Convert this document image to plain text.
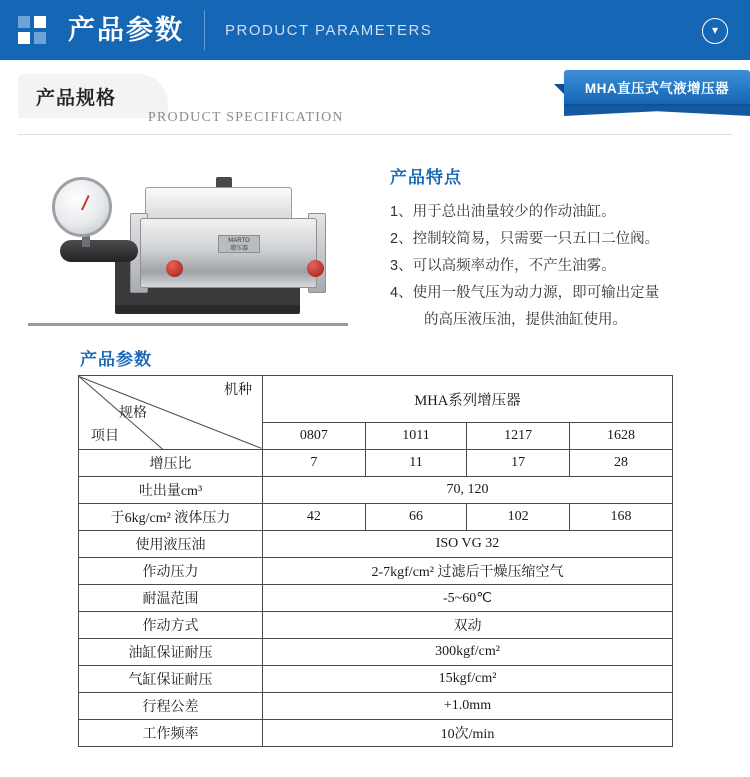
产品参数	PRODUCT PARAMETERS	▾
产品规格
PRODUCT SPECIFICATION
MHA直压式气液增压器
MARTO
增压器
产品特点
1、 用于总出油量较少的作动油缸。
2、 控制较简易，只需要一只五口二位阀。
3、 可以高频率动作，不产生油雾。
4、 使用一般气压为动力源，即可输出定量
的高压液压油，提供油缸使用。
产品参数
机种
规格
项目	MHA系列增压器			
	0807	1011	1217	1628
增压比	7	11	17	28
吐出量cm³	70, 120			
于6kg/cm² 液体压力	42	66	102	168
使用液压油	ISO VG 32			
作动压力	2-7kgf/cm² 过滤后干燥压缩空气			
耐温范围	-5~60℃			
作动方式	双动			
油缸保证耐压	300kgf/cm²			
气缸保证耐压	15kgf/cm²			
行程公差	+1.0mm			
工作频率	10次/min			
